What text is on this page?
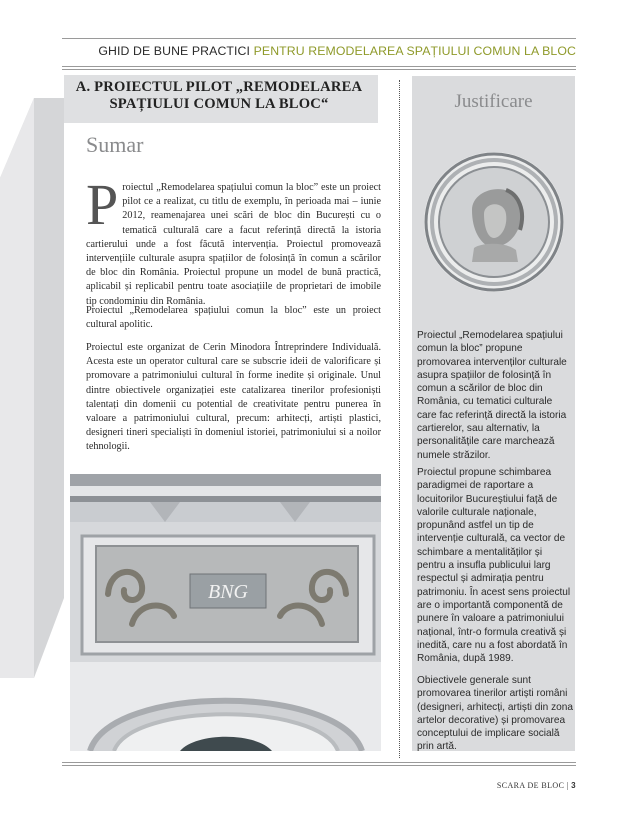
GHID DE BUNE PRACTICI PENTRU REMODELAREA SPAȚIULUI COMUN LA BLOC
A. PROIECTUL PILOT „REMODELAREA
SPAȚIULUI COMUN LA BLOC“
Sumar
Proiectul „Remodelarea spațiului comun la bloc” este un proiect pilot ce a realizat, cu titlu de exemplu, în perioada mai – iunie 2012, reamenajarea unei scări de bloc din București cu o tematică culturală care a facut referință directă la istoria cartierului unde a fost făcută intervenția. Proiectul promovează intervențiile culturale asupra spațiilor de folosință în comun a scărilor de bloc din România. Proiectul propune un model de bună practică, aplicabil și replicabil pentru toate asociațiile de proprietari de imobile tip condominiu din România.
Proiectul „Remodelarea spațiului comun la bloc” este un proiect cultural apolitic.
Proiectul este organizat de Cerin Minodora Întreprindere Individuală. Acesta este un operator cultural care se subscrie ideii de valorificare și promovare a patrimoniului cultural în forme inedite și originale. Unul dintre obiectivele organizației este catalizarea tinerilor profesioniști talentați din domenii cu potential de creativitate pentru punerea în valoare a patrimoniului cultural, precum: arhitecți, artiști plastici, designeri tineri specialiști în domeniul istoriei, patrimoniului si a noilor tehnologii.
BNG
Justificare
Proiectul „Remodelarea spațiului comun la bloc” propune promovarea intervenților culturale asupra spațiilor de folosință în comun a scărilor de bloc din România, cu tematici culturale care fac referință directă la istoria cartierelor, sau alternativ, la personalitățile care marchează numele străzilor.
Proiectul propune schimbarea paradigmei de raportare a locuitorilor Bucureștiului față de valorile culturale naționale, propunând astfel un tip de intervenție culturală, ca vector de schimbare a mentalităților și pentru a insufla publicului larg respectul și admirația pentru patrimoniu. În acest sens proiectul are o importantă componentă de punere în valoare a patrimoniului național, într-o formula creativă și inedită, care nu a fost abordată în România, după 1989.
Obiectivele generale sunt promovarea tinerilor artiști români (designeri, arhitecți, artiști din zona artelor decorative) și promovarea conceptului de implicare socială prin artă.
SCARA DE BLOC | 3
